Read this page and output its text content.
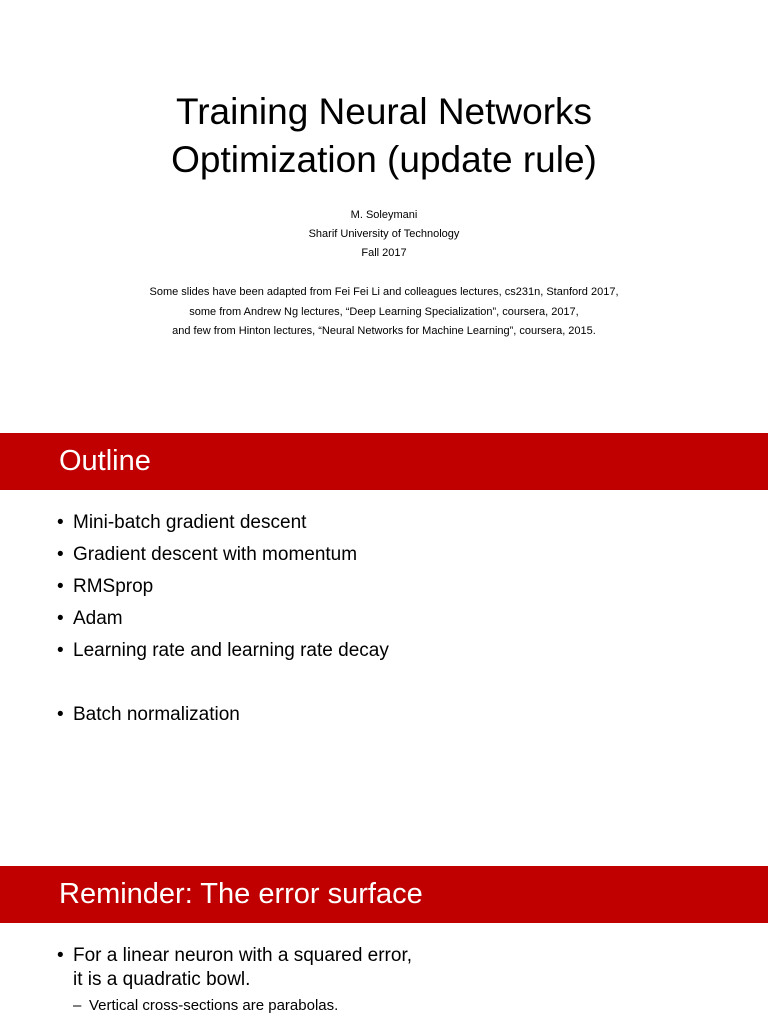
Training Neural Networks
Optimization (update rule)
M. Soleymani
Sharif University of Technology
Fall 2017
Some slides have been adapted from Fei Fei Li and colleagues lectures, cs231n, Stanford 2017,
some from Andrew Ng lectures, “Deep Learning Specialization”, coursera, 2017,
and few from Hinton lectures, “Neural Networks for Machine Learning”, coursera, 2015.
Outline
• Mini-batch gradient descent
• Gradient descent with momentum
• RMSprop
• Adam
• Learning rate and learning rate decay
• Batch normalization
Reminder: The error surface
• For a linear neuron with a squared error,
it is a quadratic bowl.
– Vertical cross-sections are parabolas.
